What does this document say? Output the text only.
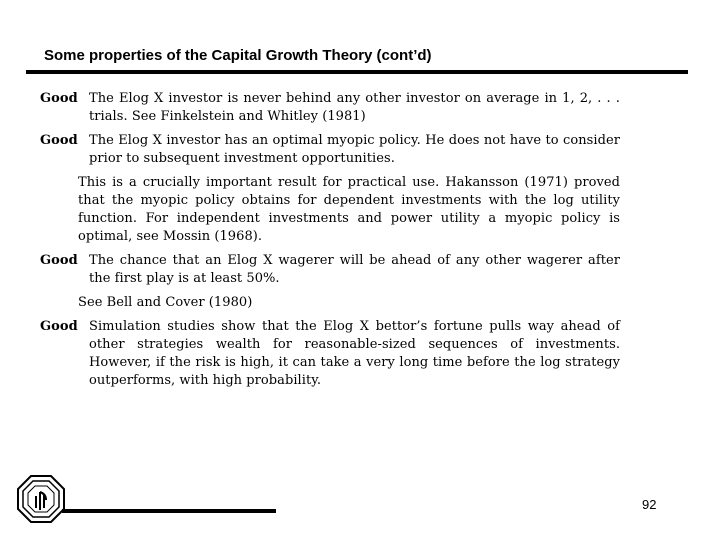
Some properties of the Capital Growth Theory (cont’d)
Good The Elog X investor is never behind any other investor on average in 1, 2, . . . trials. See Finkelstein and Whitley (1981)

Good The Elog X investor has an optimal myopic policy. He does not have to consider prior to subsequent investment opportunities.

This is a crucially important result for practical use. Hakansson (1971) proved that the myopic policy obtains for dependent investments with the log utility function. For independent investments and power utility a myopic policy is optimal, see Mossin (1968).
Good The chance that an Elog X wagerer will be ahead of any other wagerer after the first play is at least 50%.

See Bell and Cover (1980)
Good Simulation studies show that the Elog X bettor’s fortune pulls way ahead of other strategies wealth for reasonable-sized sequences of investments. However, if the risk is high, it can take a very long time before the log strategy outperforms, with high probability.

92
